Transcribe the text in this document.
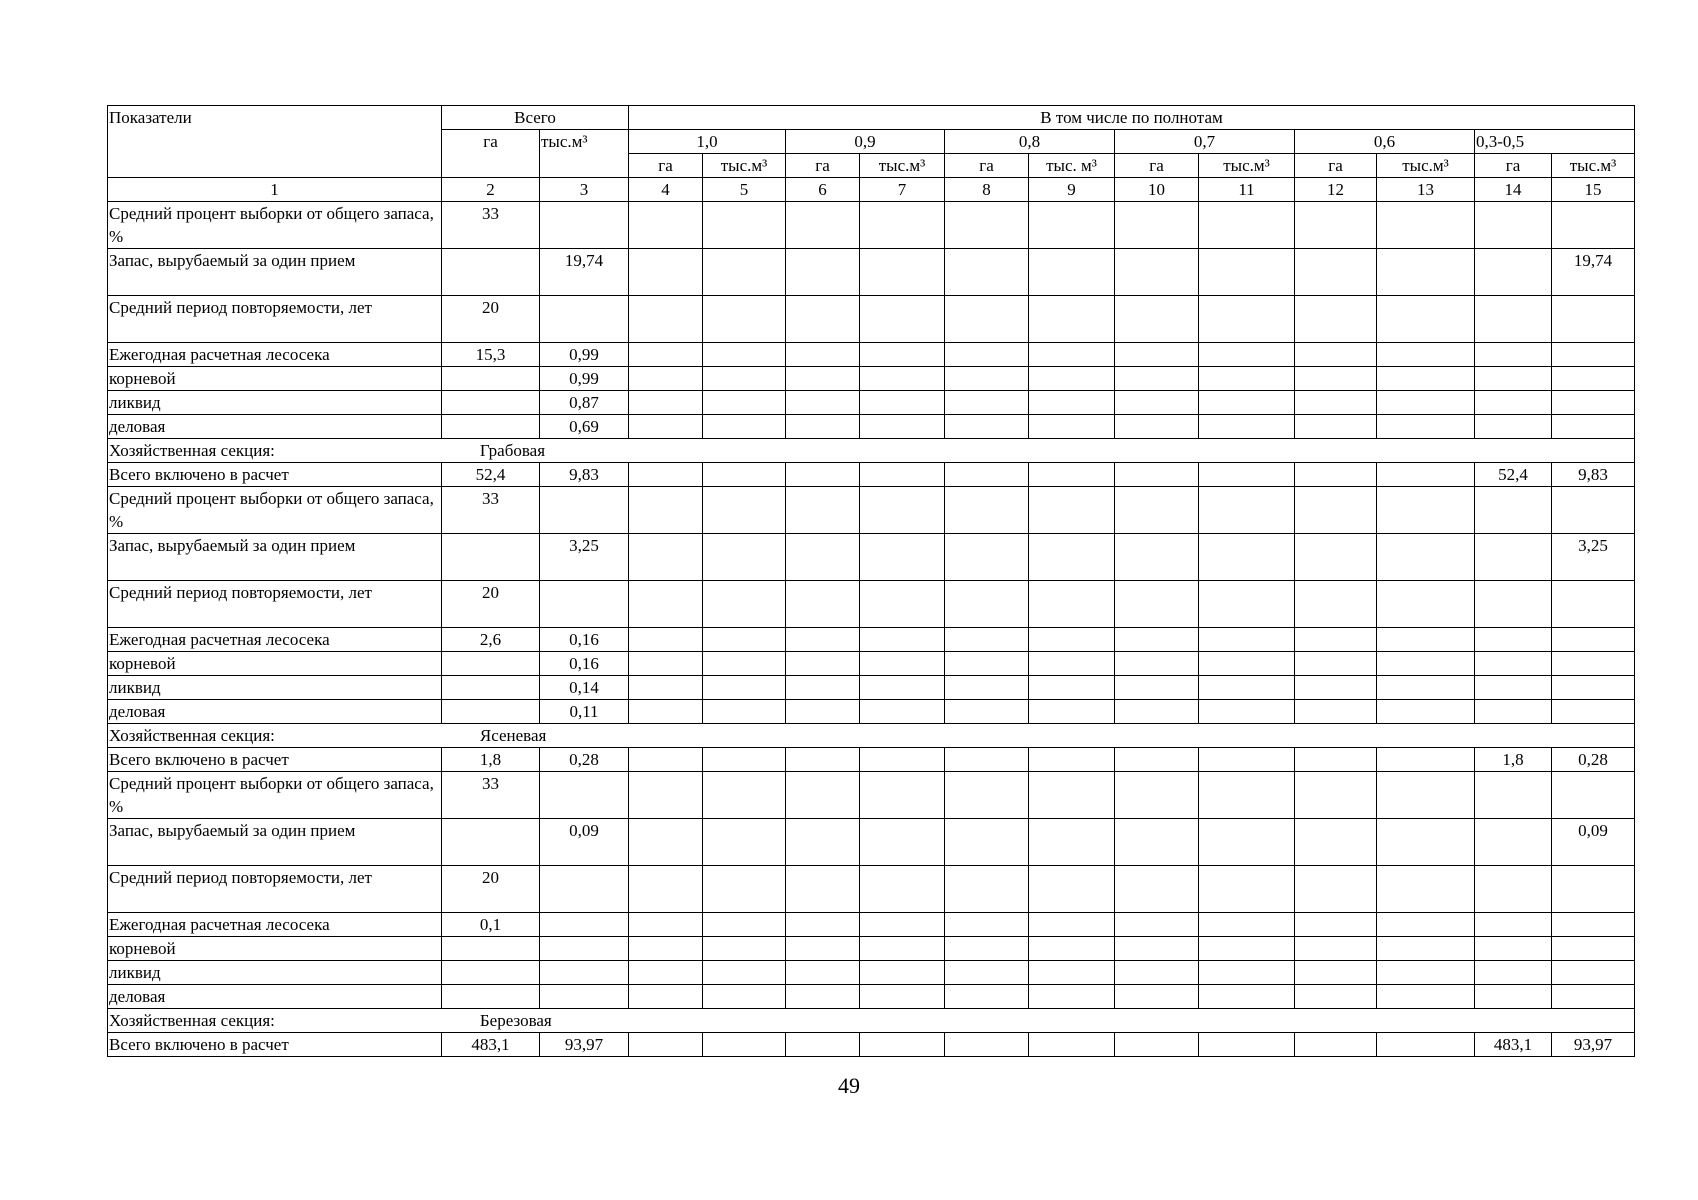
Показатели	Всего		В том числе по полнотам											
	га	тыс.м³	1,0		0,9		0,8		0,7		0,6		0,3-0,5	
			га	тыс.м³	га	тыс.м³	га	тыс. м³	га	тыс.м³	га	тыс.м³	га	тыс.м³
1	2	3	4	5	6	7	8	9	10	11	12	13	14	15
Средний процент выборки от общего запаса, %	33													
Запас, вырубаемый за один прием		19,74												19,74
Средний период повторяемости, лет	20													
Ежегодная расчетная лесосека	15,3	0,99												
корневой		0,99												
ликвид		0,87												
деловая		0,69												
Хозяйственная секция: Грабовая														
Всего включено в расчет	52,4	9,83											52,4	9,83
Средний процент выборки от общего запаса, %	33													
Запас, вырубаемый за один прием		3,25												3,25
Средний период повторяемости, лет	20													
Ежегодная расчетная лесосека	2,6	0,16												
корневой		0,16												
ликвид		0,14												
деловая		0,11												
Хозяйственная секция: Ясеневая														
Всего включено в расчет	1,8	0,28											1,8	0,28
Средний процент выборки от общего запаса, %	33													
Запас, вырубаемый за один прием		0,09												0,09
Средний период повторяемости, лет	20													
Ежегодная расчетная лесосека	0,1													
корневой														
ликвид														
деловая														
Хозяйственная секция: Березовая														
Всего включено в расчет	483,1	93,97											483,1	93,97
49
